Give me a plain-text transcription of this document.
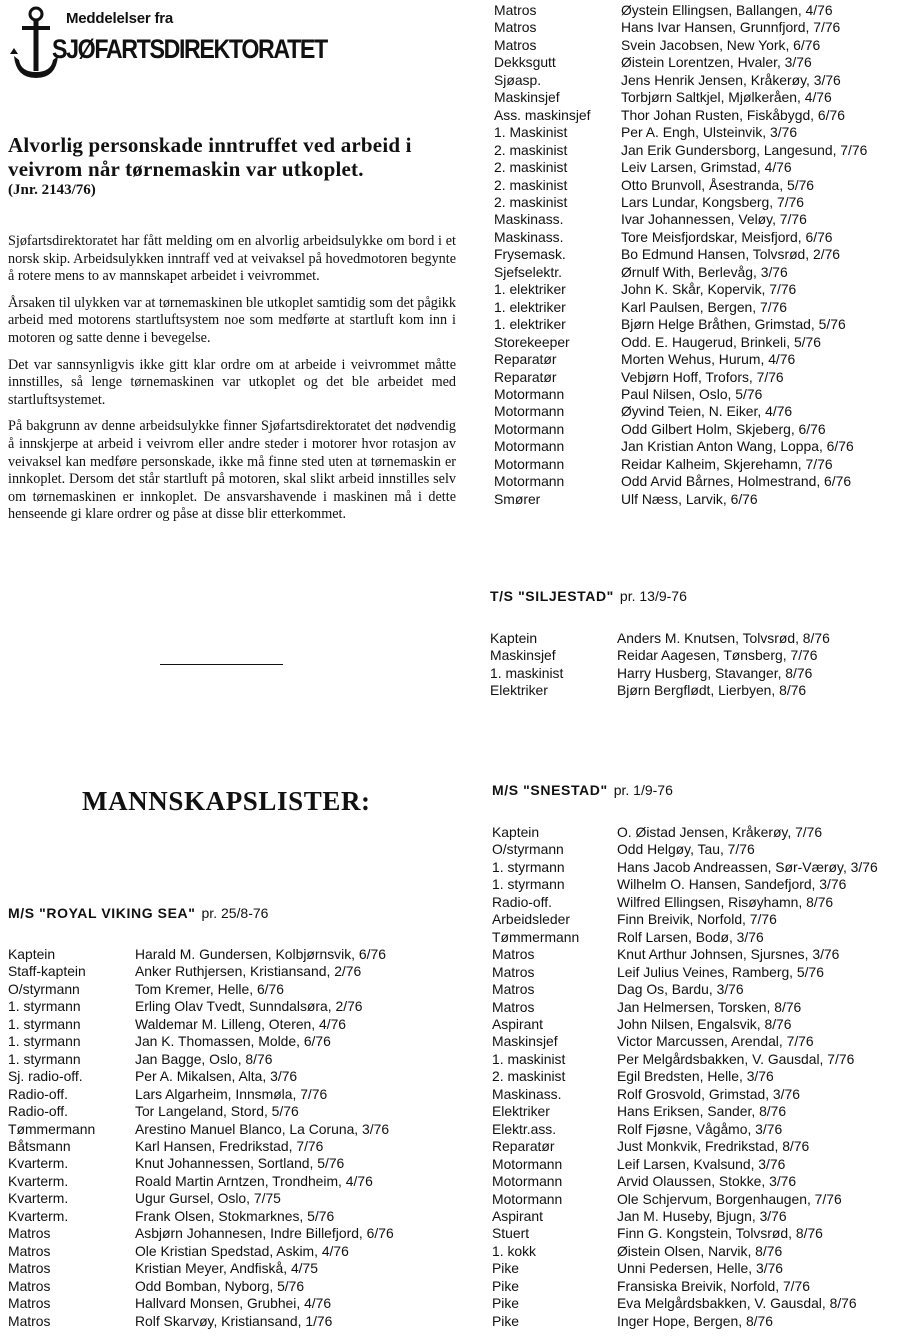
Meddelelser fra
SJØFARTSDIREKTORATET
Alvorlig personskade inntruffet ved arbeid i veivrom når tørnemaskin var utkoplet.
(Jnr. 2143/76)

Sjøfartsdirektoratet har fått melding om en alvorlig arbeidsulykke om bord i et norsk skip. Arbeidsulykken inntraff ved at veivaksel på hovedmotoren begynte å rotere mens to av mannskapet arbeidet i veivrommet.

Årsaken til ulykken var at tørnemaskinen ble utkoplet samtidig som det pågikk arbeid med motorens startluftsystem noe som medførte at startluft kom inn i motoren og satte denne i bevegelse.

Det var sannsynligvis ikke gitt klar ordre om at arbeide i veivrommet måtte innstilles, så lenge tørnemaskinen var utkoplet og det ble arbeidet med startluftsystemet.

På bakgrunn av denne arbeidsulykke finner Sjøfartsdirektoratet det nødvendig å innskjerpe at arbeid i veivrom eller andre steder i motorer hvor rotasjon av veivaksel kan medføre personskade, ikke må finne sted uten at tørnemaskin er innkoplet. Dersom det står startluft på motoren, skal slikt arbeid innstilles selv om tørnemaskinen er innkoplet. De ansvarshavende i maskinen må i dette henseende gi klare ordrer og påse at disse blir etterkommet.

MANNSKAPSLISTER:
M/S "ROYAL VIKING SEA" pr. 25/8-76
T/S "SILJESTAD" pr. 13/9-76
M/S "SNESTAD" pr. 1/9-76
Matros	Øystein Ellingsen, Ballangen, 4/76
Matros	Hans Ivar Hansen, Grunnfjord, 7/76
Matros	Svein Jacobsen, New York, 6/76
Dekksgutt	Øistein Lorentzen, Hvaler, 3/76
Sjøasp.	Jens Henrik Jensen, Kråkerøy, 3/76
Maskinsjef	Torbjørn Saltkjel, Mjølkeråen, 4/76
Ass. maskinsjef	Thor Johan Rusten, Fiskåbygd, 6/76
1. Maskinist	Per A. Engh, Ulsteinvik, 3/76
2. maskinist	Jan Erik Gundersborg, Langesund, 7/76
2. maskinist	Leiv Larsen, Grimstad, 4/76
2. maskinist	Otto Brunvoll, Åsestranda, 5/76
2. maskinist	Lars Lundar, Kongsberg, 7/76
Maskinass.	Ivar Johannessen, Veløy, 7/76
Maskinass.	Tore Meisfjordskar, Meisfjord, 6/76
Frysemask.	Bo Edmund Hansen, Tolvsrød, 2/76
Sjefselektr.	Ørnulf With, Berlevåg, 3/76
1. elektriker	John K. Skår, Kopervik, 7/76
1. elektriker	Karl Paulsen, Bergen, 7/76
1. elektriker	Bjørn Helge Bråthen, Grimstad, 5/76
Storekeeper	Odd. E. Haugerud, Brinkeli, 5/76
Reparatør	Morten Wehus, Hurum, 4/76
Reparatør	Vebjørn Hoff, Trofors, 7/76
Motormann	Paul Nilsen, Oslo, 5/76
Motormann	Øyvind Teien, N. Eiker, 4/76
Motormann	Odd Gilbert Holm, Skjeberg, 6/76
Motormann	Jan Kristian Anton Wang, Loppa, 6/76
Motormann	Reidar Kalheim, Skjerehamn, 7/76
Motormann	Odd Arvid Bårnes, Holmestrand, 6/76
Smører	Ulf Næss, Larvik, 6/76
Kaptein	Anders M. Knutsen, Tolvsrød, 8/76
Maskinsjef	Reidar Aagesen, Tønsberg, 7/76
1. maskinist	Harry Husberg, Stavanger, 8/76
Elektriker	Bjørn Bergflødt, Lierbyen, 8/76
Kaptein	O. Øistad Jensen, Kråkerøy, 7/76
O/styrmann	Odd Helgøy, Tau, 7/76
1. styrmann	Hans Jacob Andreassen, Sør-Værøy, 3/76
1. styrmann	Wilhelm O. Hansen, Sandefjord, 3/76
Radio-off.	Wilfred Ellingsen, Risøyhamn, 8/76
Arbeidsleder	Finn Breivik, Norfold, 7/76
Tømmermann	Rolf Larsen, Bodø, 3/76
Matros	Knut Arthur Johnsen, Sjursnes, 3/76
Matros	Leif Julius Veines, Ramberg, 5/76
Matros	Dag Os, Bardu, 3/76
Matros	Jan Helmersen, Torsken, 8/76
Aspirant	John Nilsen, Engalsvik, 8/76
Maskinsjef	Victor Marcussen, Arendal, 7/76
1. maskinist	Per Melgårdsbakken, V. Gausdal, 7/76
2. maskinist	Egil Bredsten, Helle, 3/76
Maskinass.	Rolf Grosvold, Grimstad, 3/76
Elektriker	Hans Eriksen, Sander, 8/76
Elektr.ass.	Rolf Fjøsne, Vågåmo, 3/76
Reparatør	Just Monkvik, Fredrikstad, 8/76
Motormann	Leif Larsen, Kvalsund, 3/76
Motormann	Arvid Olaussen, Stokke, 3/76
Motormann	Ole Schjervum, Borgenhaugen, 7/76
Aspirant	Jan M. Huseby, Bjugn, 3/76
Stuert	Finn G. Kongstein, Tolvsrød, 8/76
1. kokk	Øistein Olsen, Narvik, 8/76
Pike	Unni Pedersen, Helle, 3/76
Pike	Fransiska Breivik, Norfold, 7/76
Pike	Eva Melgårdsbakken, V. Gausdal, 8/76
Pike	Inger Hope, Bergen, 8/76
Kaptein	Harald M. Gundersen, Kolbjørnsvik, 6/76
Staff-kaptein	Anker Ruthjersen, Kristiansand, 2/76
O/styrmann	Tom Kremer, Helle, 6/76
1. styrmann	Erling Olav Tvedt, Sunndalsøra, 2/76
1. styrmann	Waldemar M. Lilleng, Oteren, 4/76
1. styrmann	Jan K. Thomassen, Molde, 6/76
1. styrmann	Jan Bagge, Oslo, 8/76
Sj. radio-off.	Per A. Mikalsen, Alta, 3/76
Radio-off.	Lars Algarheim, Innsmøla, 7/76
Radio-off.	Tor Langeland, Stord, 5/76
Tømmermann	Arestino Manuel Blanco, La Coruna, 3/76
Båtsmann	Karl Hansen, Fredrikstad, 7/76
Kvarterm.	Knut Johannessen, Sortland, 5/76
Kvarterm.	Roald Martin Arntzen, Trondheim, 4/76
Kvarterm.	Ugur Gursel, Oslo, 7/75
Kvarterm.	Frank Olsen, Stokmarknes, 5/76
Matros	Asbjørn Johannesen, Indre Billefjord, 6/76
Matros	Ole Kristian Spedstad, Askim, 4/76
Matros	Kristian Meyer, Andfiskå, 4/75
Matros	Odd Bomban, Nyborg, 5/76
Matros	Hallvard Monsen, Grubhei, 4/76
Matros	Rolf Skarvøy, Kristiansand, 1/76
